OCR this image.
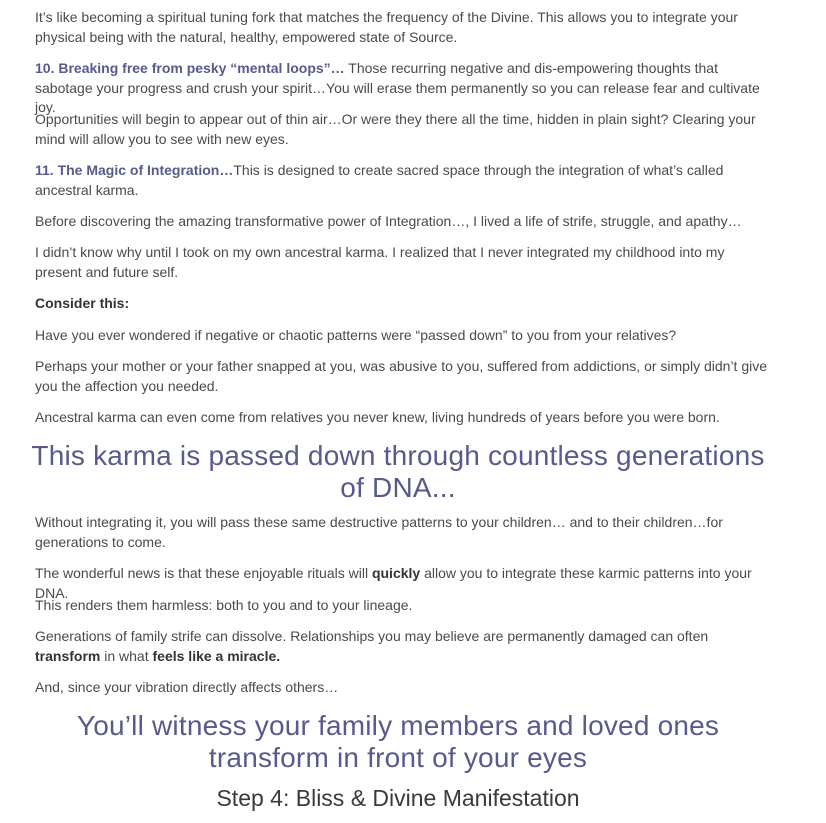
It’s like becoming a spiritual tuning fork that matches the frequency of the Divine. This allows you to integrate your physical being with the natural, healthy, empowered state of Source.

10. Breaking free from pesky “mental loops”… Those recurring negative and dis-empowering thoughts that sabotage your progress and crush your spirit…You will erase them permanently so you can release fear and cultivate joy.

Opportunities will begin to appear out of thin air…Or were they there all the time, hidden in plain sight? Clearing your mind will allow you to see with new eyes.

11. The Magic of Integration…This is designed to create sacred space through the integration of what’s called ancestral karma.

Before discovering the amazing transformative power of Integration…, I lived a life of strife, struggle, and apathy…

I didn’t know why until I took on my own ancestral karma. I realized that I never integrated my childhood into my present and future self.

Consider this:

Have you ever wondered if negative or chaotic patterns were “passed down” to you from your relatives?

Perhaps your mother or your father snapped at you, was abusive to you, suffered from addictions, or simply didn’t give you the affection you needed.

Ancestral karma can even come from relatives you never knew, living hundreds of years before you were born.

This karma is passed down through countless generations of DNA...

Without integrating it, you will pass these same destructive patterns to your children… and to their children…for generations to come.

The wonderful news is that these enjoyable rituals will quickly allow you to integrate these karmic patterns into your DNA.

This renders them harmless: both to you and to your lineage.

Generations of family strife can dissolve. Relationships you may believe are permanently damaged can often transform in what feels like a miracle.

And, since your vibration directly affects others…

You’ll witness your family members and loved ones transform in front of your eyes
Step 4: Bliss & Divine Manifestation
